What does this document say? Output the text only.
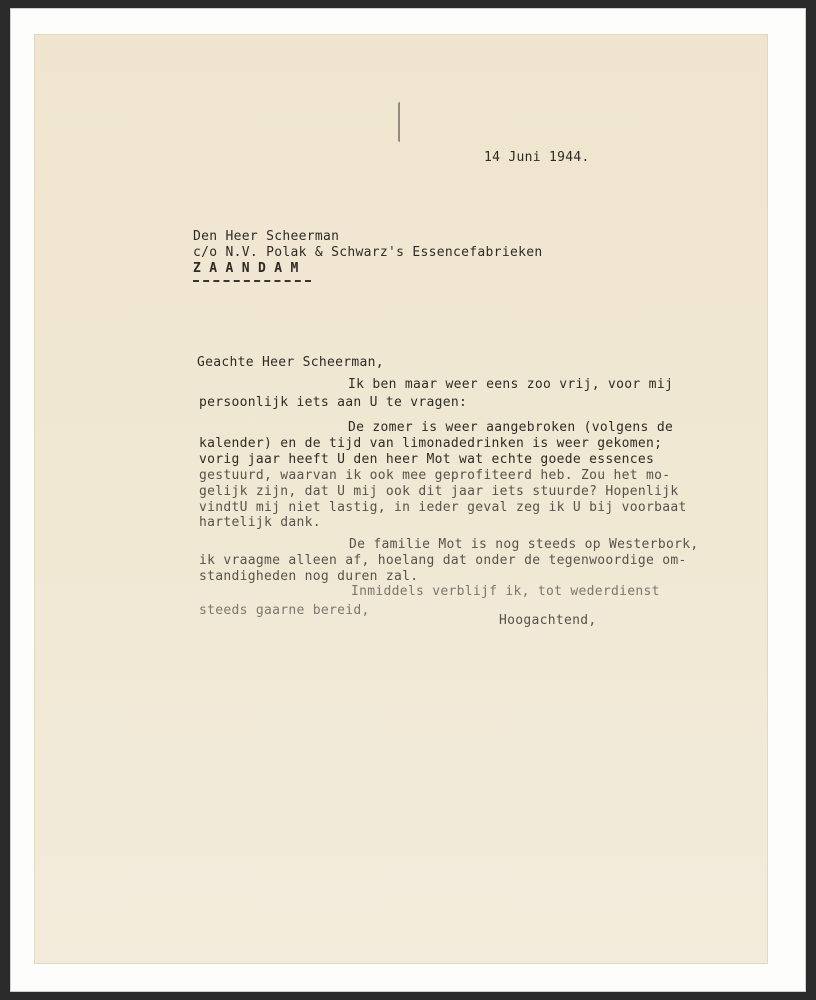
14 Juni 1944.
Den Heer Scheerman
c/o N.V. Polak & Schwarz's Essencefabrieken
Z A A N D A M
Geachte Heer Scheerman,
Ik ben maar weer eens zoo vrij, voor mij
persoonlijk iets aan U te vragen:
De zomer is weer aangebroken (volgens de
kalender) en de tijd van limonadedrinken is weer gekomen;
vorig jaar heeft U den heer Mot wat echte goede essences
gestuurd, waarvan ik ook mee geprofiteerd heb. Zou het mo-
gelijk zijn, dat U mij ook dit jaar iets stuurde? Hopenlijk
vindtU mij niet lastig, in ieder geval zeg ik U bij voorbaat
hartelijk dank.
De familie Mot is nog steeds op Westerbork,
ik vraagme alleen af, hoelang dat onder de tegenwoordige om-
standigheden nog duren zal.
Inmiddels verblijf ik, tot wederdienst
steeds gaarne bereid,
Hoogachtend,
